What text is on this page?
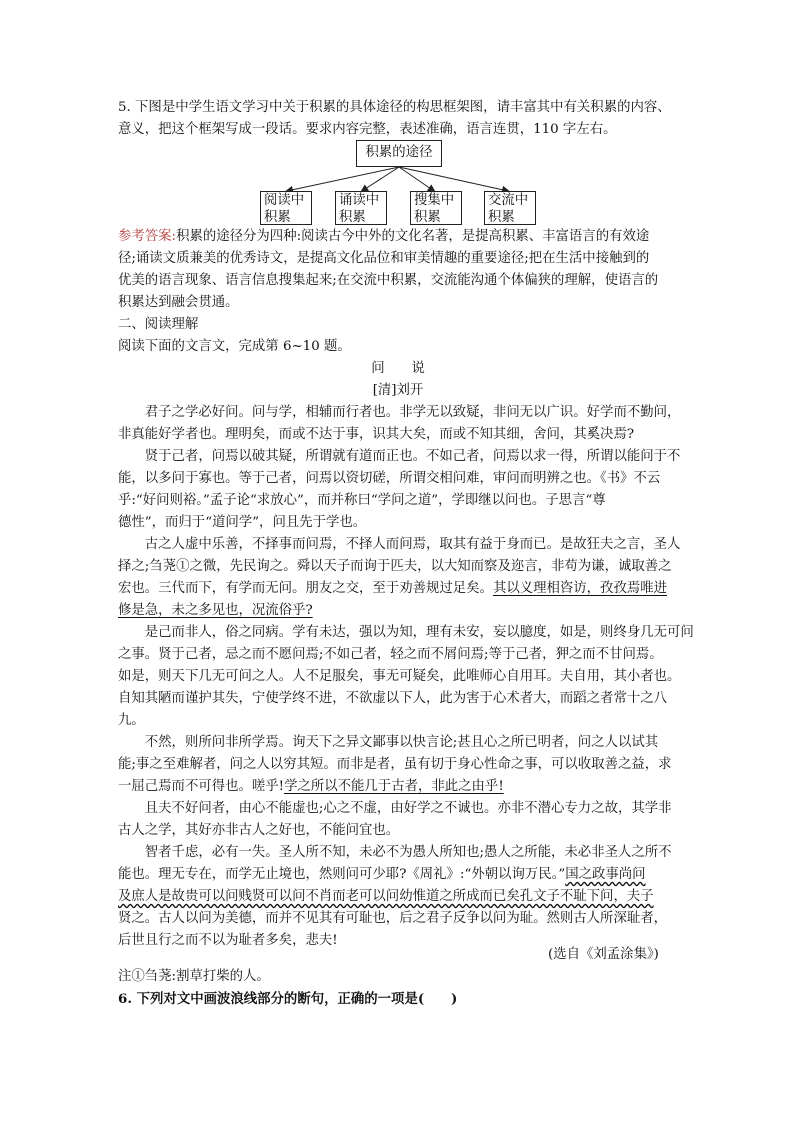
5. 下图是中学生语文学习中关于积累的具体途径的构思框架图，请丰富其中有关积累的内容、
意义，把这个框架写成一段话。要求内容完整，表述准确，语言连贯，110 字左右。
积累的途径
阅读中
积累
诵读中
积累
搜集中
积累
交流中
积累
参考答案:积累的途径分为四种:阅读古今中外的文化名著，是提高积累、丰富语言的有效途
径;诵读文质兼美的优秀诗文，是提高文化品位和审美情趣的重要途径;把在生活中接触到的
优美的语言现象、语言信息搜集起来;在交流中积累，交流能沟通个体偏狭的理解，使语言的
积累达到融会贯通。
二、阅读理解
阅读下面的文言文，完成第 6~10 题。
问　　说
[清]刘开
　　君子之学必好问。问与学，相辅而行者也。非学无以致疑，非问无以广识。好学而不勤问，
非真能好学者也。理明矣，而或不达于事，识其大矣，而或不知其细，舍问，其奚决焉?
　　贤于己者，问焉以破其疑，所谓就有道而正也。不如己者，问焉以求一得，所谓以能问于不
能，以多问于寡也。等于己者，问焉以资切磋，所谓交相问难，审问而明辨之也。《书》不云
乎:“好问则裕。”孟子论“求放心”，而并称曰“学问之道”，学即继以问也。子思言“尊
德性”，而归于“道问学”，问且先于学也。
　　古之人虚中乐善，不择事而问焉，不择人而问焉，取其有益于身而已。是故狂夫之言，圣人
择之;刍荛①之微，先民询之。舜以天子而询于匹夫，以大知而察及迩言，非苟为谦，诚取善之
宏也。三代而下，有学而无问。朋友之交，至于劝善规过足矣。其以义理相咨访，孜孜焉唯进
修是急，未之多见也，况流俗乎?
　　是己而非人，俗之同病。学有未达，强以为知，理有未安，妄以臆度，如是，则终身几无可问
之事。贤于己者，忌之而不愿问焉;不如己者，轻之而不屑问焉;等于己者，狎之而不甘问焉。
如是，则天下几无可问之人。人不足服矣，事无可疑矣，此唯师心自用耳。夫自用，其小者也。
自知其陋而谨护其失，宁使学终不进，不欲虚以下人，此为害于心术者大，而蹈之者常十之八
九。
　　不然，则所问非所学焉。询天下之异文鄙事以快言论;甚且心之所已明者，问之人以试其
能;事之至难解者，问之人以穷其短。而非是者，虽有切于身心性命之事，可以收取善之益，求
一屈己焉而不可得也。嗟乎!学之所以不能几于古者，非此之由乎!
　　且夫不好问者，由心不能虚也;心之不虚，由好学之不诚也。亦非不潜心专力之故，其学非
古人之学，其好亦非古人之好也，不能问宜也。
　　智者千虑，必有一失。圣人所不知，未必不为愚人所知也;愚人之所能，未必非圣人之所不
能也。理无专在，而学无止境也，然则问可少耶?《周礼》:“外朝以询万民。”国之政事尚问
及庶人是故贵可以问贱贤可以问不肖而老可以问幼惟道之所成而已矣孔文子不耻下问，夫子
贤之。古人以问为美德，而并不见其有可耻也，后之君子反争以问为耻。然则古人所深耻者，
后世且行之而不以为耻者多矣，悲夫!
(选自《刘孟涂集》)
注①刍荛:割草打柴的人。
6. 下列对文中画波浪线部分的断句，正确的一项是(　　)
